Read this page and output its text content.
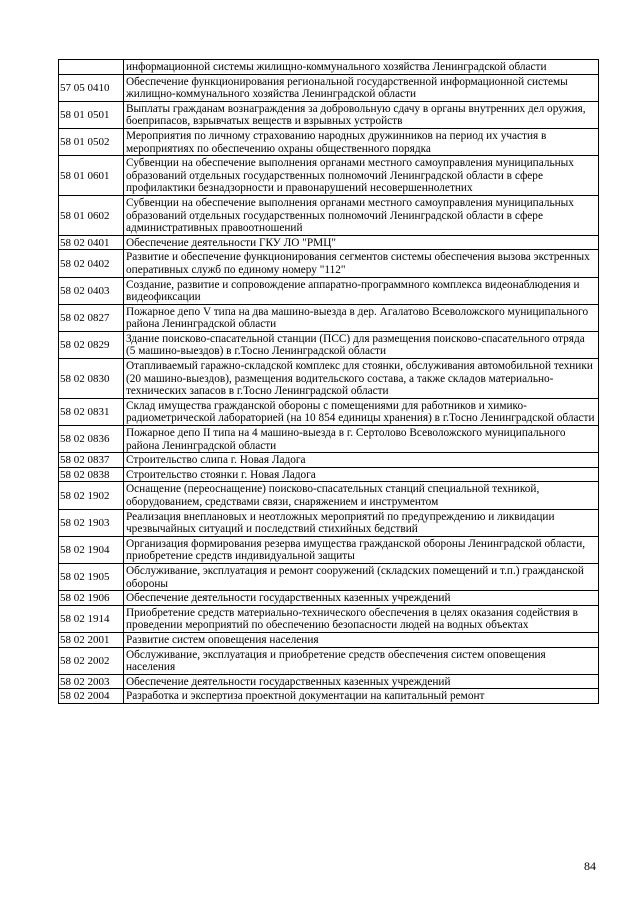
	информационной системы жилищно-коммунального хозяйства Ленинградской области
57 05 0410	Обеспечение функционирования региональной государственной информационной системы жилищно-коммунального хозяйства Ленинградской области
58 01 0501	Выплаты гражданам вознаграждения за добровольную сдачу в органы внутренних дел оружия, боеприпасов, взрывчатых веществ и взрывных устройств
58 01 0502	Мероприятия по личному страхованию народных дружинников на период их участия в мероприятиях по обеспечению охраны общественного порядка
58 01 0601	Субвенции на обеспечение выполнения органами местного самоуправления муниципальных образований отдельных государственных полномочий Ленинградской области в сфере профилактики безнадзорности и правонарушений несовершеннолетних
58 01 0602	Субвенции на обеспечение выполнения органами местного самоуправления муниципальных образований отдельных государственных полномочий Ленинградской области в сфере административных правоотношений
58 02 0401	Обеспечение деятельности ГКУ ЛО "РМЦ"
58 02 0402	Развитие и обеспечение функционирования сегментов системы обеспечения вызова экстренных оперативных служб по единому номеру "112"
58 02 0403	Создание, развитие и сопровождение аппаратно-программного комплекса видеонаблюдения и видеофиксации
58 02 0827	Пожарное депо V типа на два машино-выезда в дер. Агалатово Всеволожского муниципального района Ленинградской области
58 02 0829	Здание поисково-спасательной станции (ПСС) для размещения поисково-спасательного отряда (5 машино-выездов) в г.Тосно Ленинградской области
58 02 0830	Отапливаемый гаражно-складской комплекс для стоянки, обслуживания автомобильной техники (20 машино-выездов), размещения водительского состава, а также складов материально-технических запасов в г.Тосно Ленинградской области
58 02 0831	Склад имущества гражданской обороны с помещениями для работников и химико-радиометрической лабораторией (на 10 854 единицы хранения) в г.Тосно Ленинградской области
58 02 0836	Пожарное депо II типа на 4 машино-выезда в г. Сертолово Всеволожского муниципального района Ленинградской области
58 02 0837	Строительство слипа г. Новая Ладога
58 02 0838	Строительство стоянки г. Новая Ладога
58 02 1902	Оснащение (переоснащение) поисково-спасательных станций специальной техникой, оборудованием, средствами связи, снаряжением и инструментом
58 02 1903	Реализация внеплановых и неотложных мероприятий по предупреждению и ликвидации чрезвычайных ситуаций и последствий стихийных бедствий
58 02 1904	Организация формирования резерва имущества гражданской обороны Ленинградской области, приобретение средств индивидуальной защиты
58 02 1905	Обслуживание, эксплуатация и ремонт сооружений (складских помещений и т.п.) гражданской обороны
58 02 1906	Обеспечение деятельности государственных казенных учреждений
58 02 1914	Приобретение средств материально-технического обеспечения в целях оказания содействия в проведении мероприятий по обеспечению безопасности людей на водных объектах
58 02 2001	Развитие систем оповещения населения
58 02 2002	Обслуживание, эксплуатация и приобретение средств обеспечения систем оповещения населения
58 02 2003	Обеспечение деятельности государственных казенных учреждений
58 02 2004	Разработка и экспертиза проектной документации на капитальный ремонт
84
